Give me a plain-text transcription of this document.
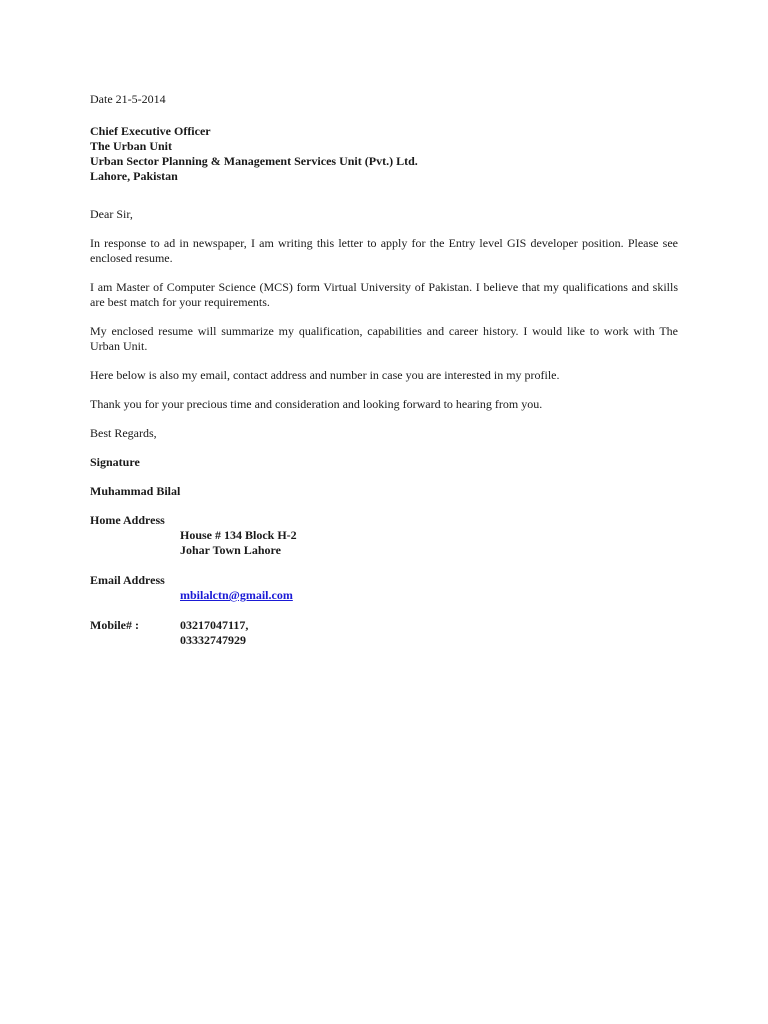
Date 21-5-2014
Chief Executive Officer
The Urban Unit
Urban Sector Planning & Management Services Unit (Pvt.) Ltd.
Lahore, Pakistan
Dear Sir,

In response to ad in newspaper, I am writing this letter to apply for the Entry level GIS developer position. Please see enclosed resume.

I am Master of Computer Science (MCS) form Virtual University of Pakistan. I believe that my qualifications and skills are best match for your requirements.

My enclosed resume will summarize my qualification, capabilities and career history. I would like to work with The Urban Unit.

Here below is also my email, contact address and number in case you are interested in my profile.

Thank you for your precious time and consideration and looking forward to hearing from you.

Best Regards,
Signature
Muhammad Bilal
Home Address
House # 134 Block H-2
Johar Town Lahore
Email Address
mbilalctn@gmail.com
Mobile# :	03217047117,
03332747929
